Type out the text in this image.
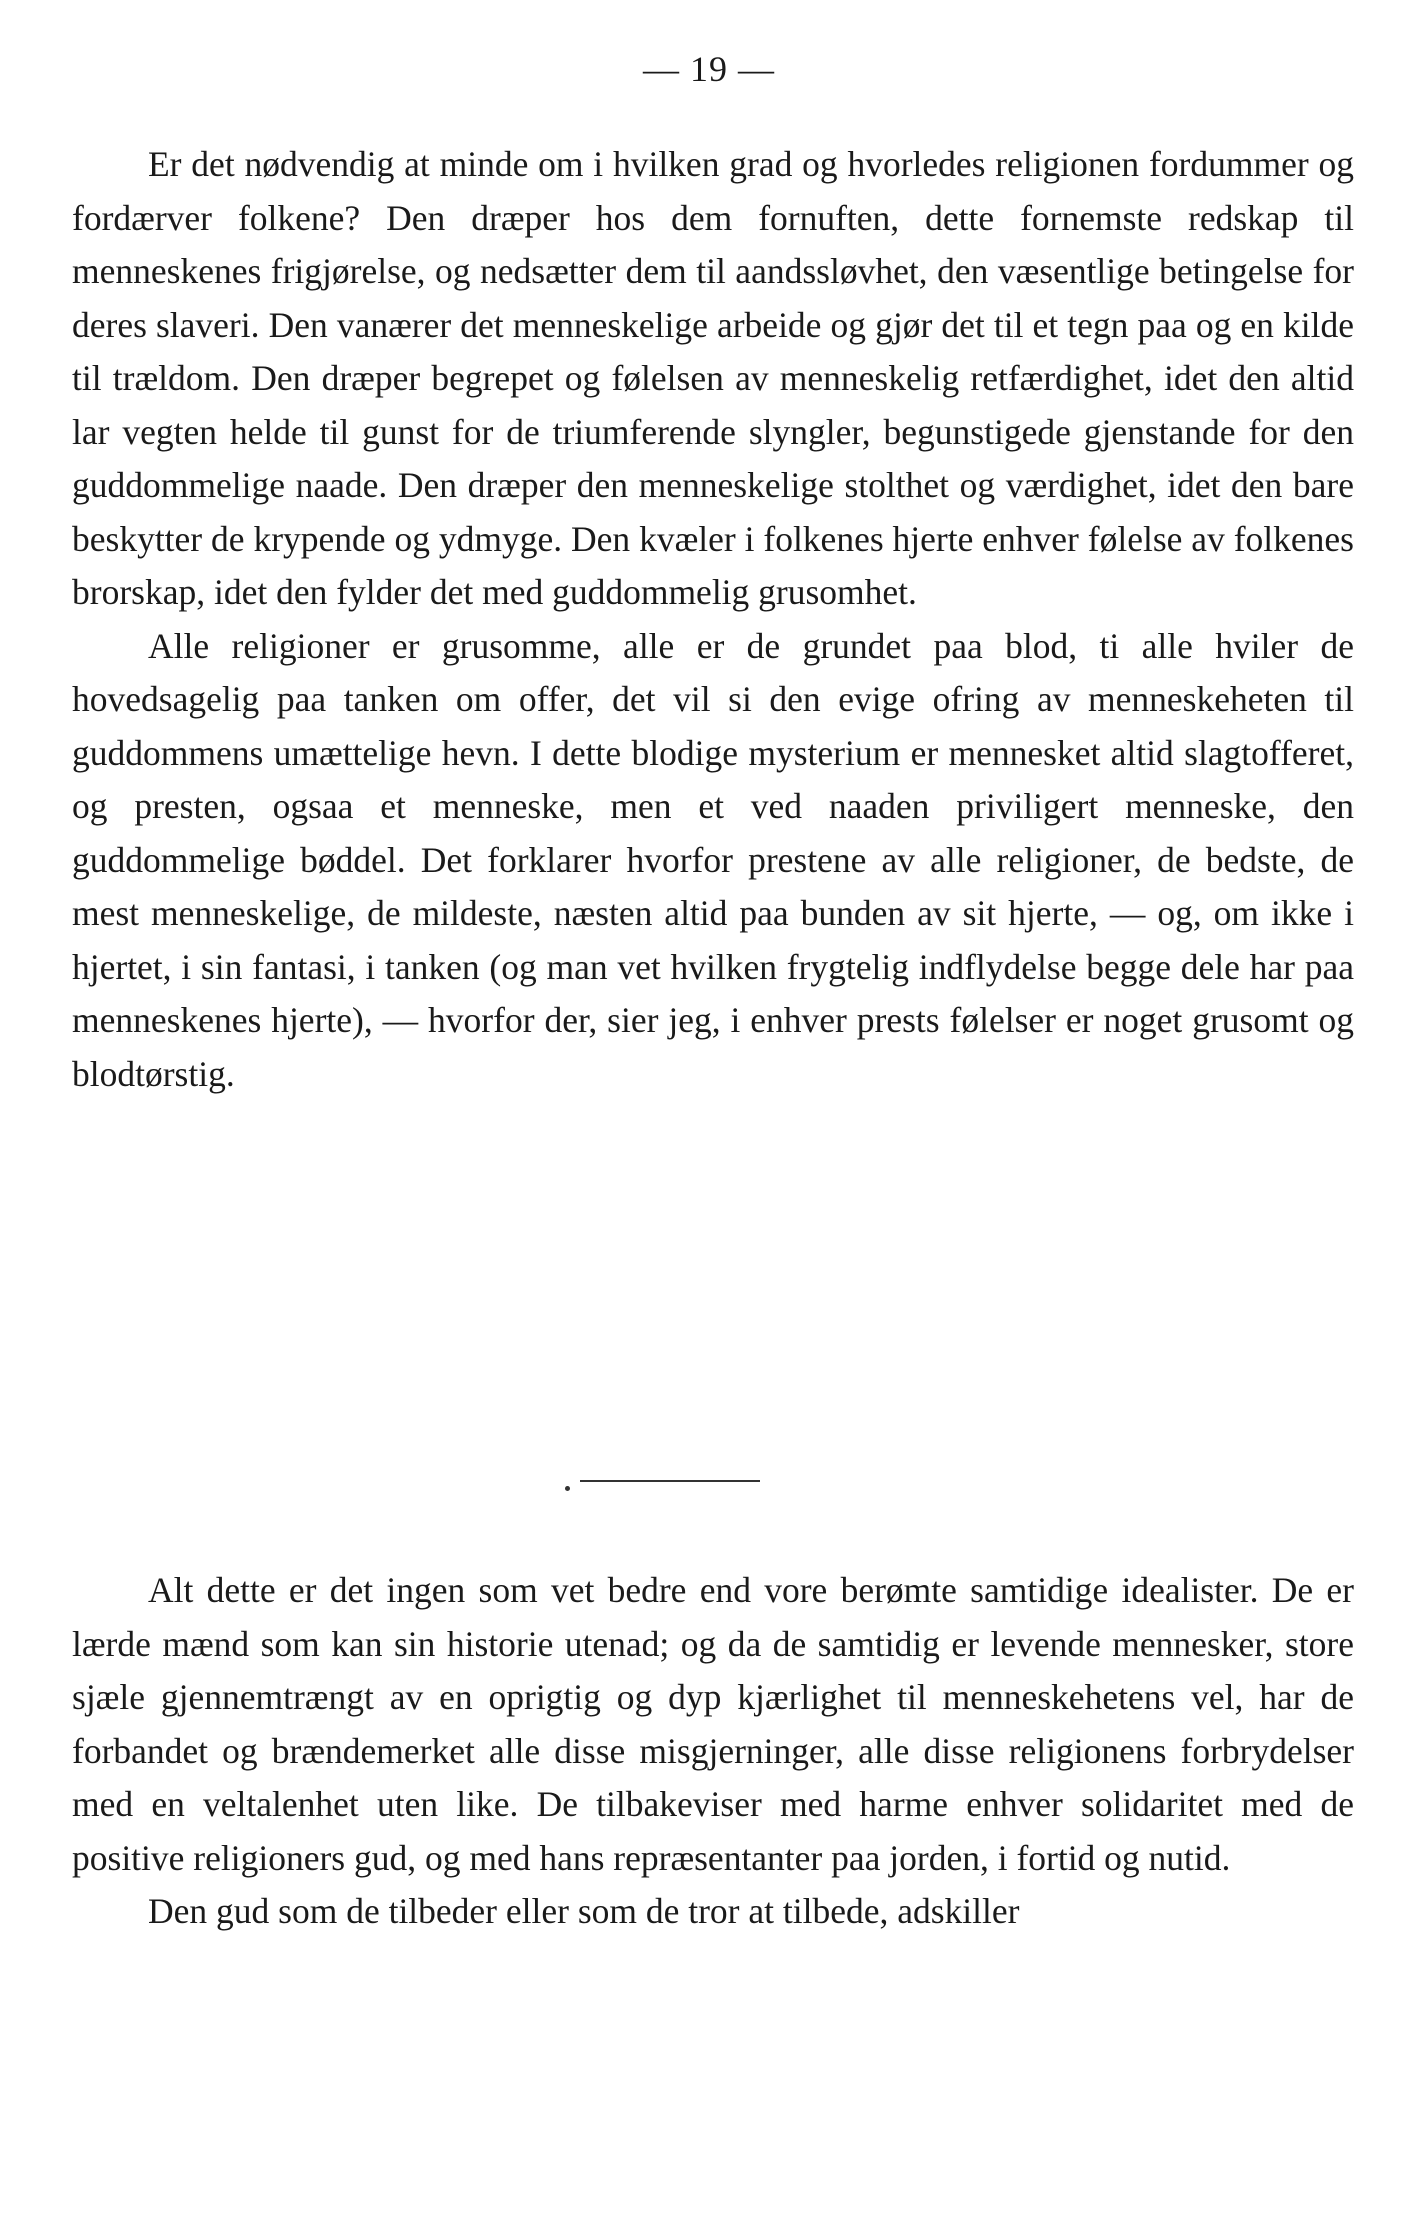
— 19 —

Er det nødvendig at minde om i hvilken grad og hvorledes religionen fordummer og fordærver folkene? Den dræper hos dem fornuften, dette fornemste redskap til menneskenes frigjørelse, og nedsætter dem til aandssløvhet, den væsentlige betingelse for deres slaveri. Den vanærer det menneskelige arbeide og gjør det til et tegn paa og en kilde til trældom. Den dræper begrepet og følelsen av menneskelig retfærdighet, idet den altid lar vegten helde til gunst for de triumferende slyngler, begunstigede gjenstande for den guddommelige naade. Den dræper den menneskelige stolthet og værdighet, idet den bare beskytter de krypende og ydmyge. Den kvæler i folkenes hjerte enhver følelse av folkenes brorskap, idet den fylder det med guddommelig grusomhet.

Alle religioner er grusomme, alle er de grundet paa blod, ti alle hviler de hovedsagelig paa tanken om offer, det vil si den evige ofring av menneskeheten til guddommens umættelige hevn. I dette blodige mysterium er mennesket altid slagtofferet, og presten, ogsaa et menneske, men et ved naaden priviligert menneske, den guddommelige bøddel. Det forklarer hvorfor prestene av alle religioner, de bedste, de mest menneskelige, de mildeste, næsten altid paa bunden av sit hjerte, — og, om ikke i hjertet, i sin fantasi, i tanken (og man vet hvilken frygtelig indflydelse begge dele har paa menneskenes hjerte), — hvorfor der, sier jeg, i enhver prests følelser er noget grusomt og blodtørstig.

Alt dette er det ingen som vet bedre end vore berømte samtidige idealister. De er lærde mænd som kan sin historie utenad; og da de samtidig er levende mennesker, store sjæle gjennemtrængt av en oprigtig og dyp kjærlighet til menneskehetens vel, har de forbandet og brændemerket alle disse misgjerninger, alle disse religionens forbrydelser med en veltalenhet uten like. De tilbakeviser med harme enhver solidaritet med de positive religioners gud, og med hans repræsentanter paa jorden, i fortid og nutid.

Den gud som de tilbeder eller som de tror at tilbede, adskiller
